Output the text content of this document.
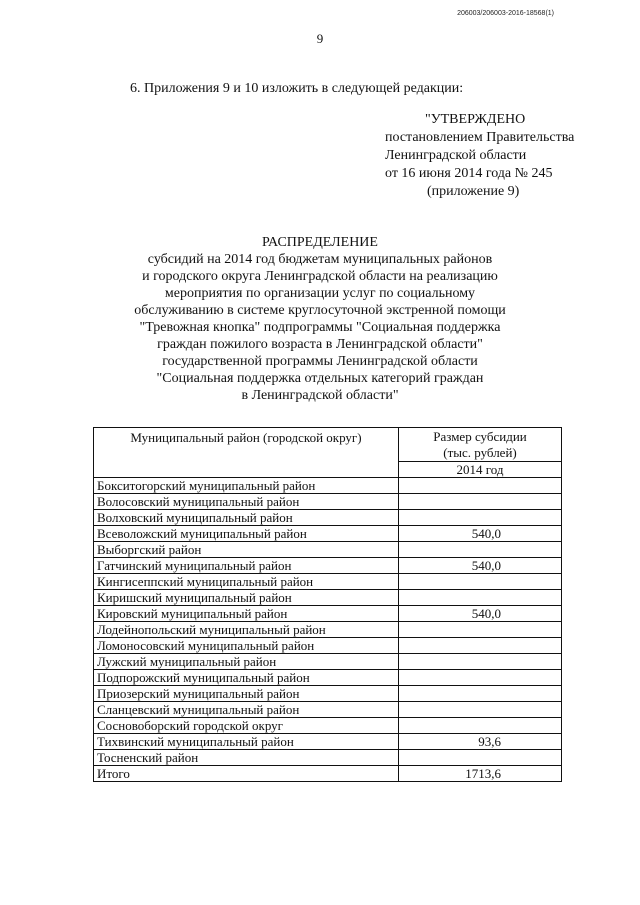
206003/206003-2016-18568(1)
9
6. Приложения 9 и 10 изложить в следующей редакции:
"УТВЕРЖДЕНО
постановлением Правительства
Ленинградской области
от 16 июня 2014 года № 245
(приложение 9)
РАСПРЕДЕЛЕНИЕ
субсидий на 2014 год бюджетам муниципальных районов
и городского округа Ленинградской области на реализацию
мероприятия по организации услуг по социальному
обслуживанию в системе круглосуточной экстренной помощи
"Тревожная кнопка" подпрограммы "Социальная поддержка
граждан пожилого возраста в Ленинградской области"
государственной программы Ленинградской области
"Социальная поддержка отдельных категорий граждан
в Ленинградской области"
Муниципальный район (городской округ)	Размер субсидии
(тыс. рублей)

	2014 год
Бокситогорский муниципальный район	
Волосовский муниципальный район	
Волховский муниципальный район	
Всеволожский муниципальный район	540,0
Выборгский район	
Гатчинский муниципальный район	540,0
Кингисеппский муниципальный район	
Киришский муниципальный район	
Кировский муниципальный район	540,0
Лодейнопольский муниципальный район	
Ломоносовский муниципальный район	
Лужский муниципальный район	
Подпорожский муниципальный район	
Приозерский муниципальный район	
Сланцевский муниципальный район	
Сосновоборский городской округ	
Тихвинский муниципальный район	93,6
Тосненский район	
Итого	1713,6
